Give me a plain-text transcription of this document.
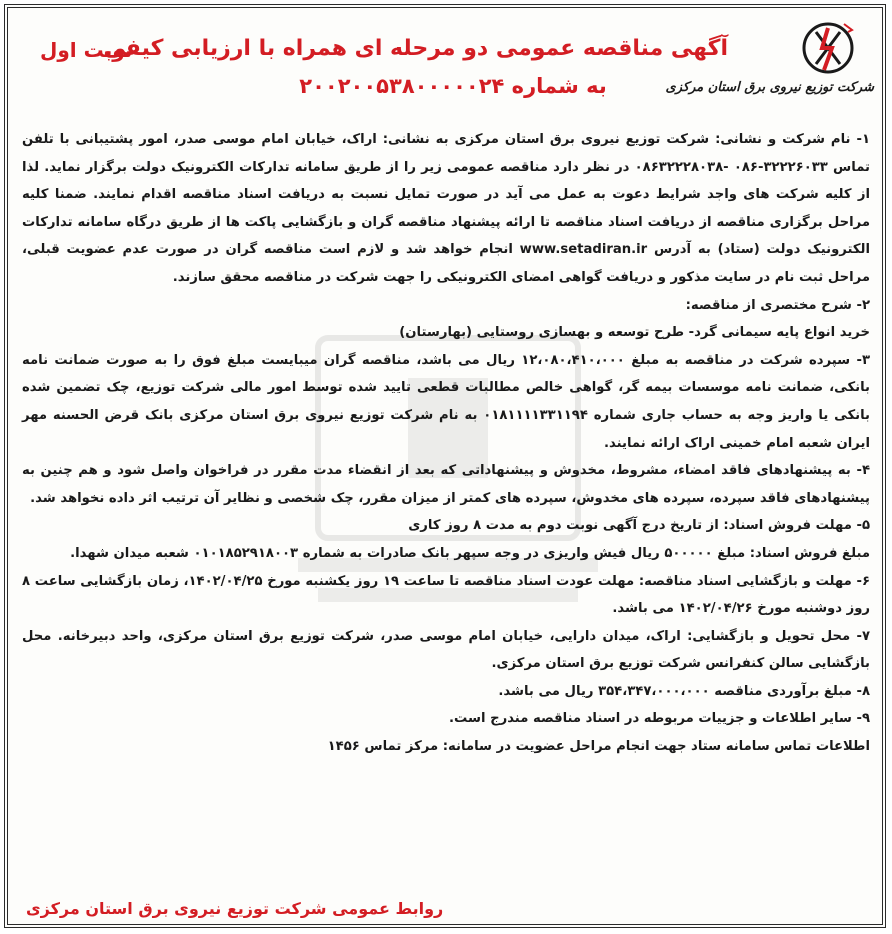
نوبت اول
آگهی مناقصه عمومی دو مرحله ای همراه با ارزیابی کیفی
به شماره ۲۰۰۲۰۰۵۳۸۰۰۰۰۰۲۴	شرکت توزیع نیروی برق استان مرکزی

۱- نام شرکت و نشانی: شرکت توزیع نیروی برق استان مرکزی به نشانی: اراک، خیابان امام موسی صدر، امور پشتیبانی با تلفن تماس ۳۲۲۲۶۰۳۳-۰۸۶ -۰۸۶۳۲۲۲۸۰۳۸ در نظر دارد مناقصه عمومی زیر را از طریق سامانه تدارکات الکترونیک دولت برگزار نماید. لذا از کلیه شرکت های واجد شرایط دعوت به عمل می آید در صورت تمایل نسبت به دریافت اسناد مناقصه اقدام نمایند. ضمنا کلیه مراحل برگزاری مناقصه از دریافت اسناد مناقصه تا ارائه پیشنهاد مناقصه گران و بازگشایی پاکت ها از طریق درگاه سامانه تدارکات الکترونیک دولت (ستاد) به آدرس www.setadiran.ir انجام خواهد شد و لازم است مناقصه گران در صورت عدم عضویت قبلی، مراحل ثبت نام در سایت مذکور و دریافت گواهی امضای الکترونیکی را جهت شرکت در مناقصه محقق سازند.

۲- شرح مختصری از مناقصه:

خرید انواع پایه سیمانی گرد- طرح توسعه و بهسازی روستایی (بهارستان)

۳- سپرده شرکت در مناقصه به مبلغ ۱۲،۰۸۰،۴۱۰،۰۰۰ ریال می باشد، مناقصه گران میبایست مبلغ فوق را به صورت ضمانت نامه بانکی، ضمانت نامه موسسات بیمه گر، گواهی خالص مطالبات قطعی تایید شده توسط امور مالی شرکت توزیع، چک تضمین شده بانکی یا واریز وجه به حساب جاری شماره ۰۱۸۱۱۱۱۳۳۱۱۹۴ به نام شرکت توزیع نیروی برق استان مرکزی بانک قرض الحسنه مهر ایران شعبه امام خمینی اراک ارائه نمایند.

۴- به پیشنهادهای فاقد امضاء، مشروط، مخدوش و پیشنهاداتی که بعد از انقضاء مدت مقرر در فراخوان واصل شود و هم چنین به پیشنهادهای فاقد سپرده، سپرده های مخدوش، سپرده های کمتر از میزان مقرر، چک شخصی و نظایر آن ترتیب اثر داده نخواهد شد.

۵- مهلت فروش اسناد: از تاریخ درج آگهی نوبت دوم به مدت ۸ روز کاری

مبلغ فروش اسناد: مبلغ ۵۰۰۰۰۰ ریال فیش واریزی در وجه سپهر بانک صادرات به شماره ۰۱۰۱۸۵۲۹۱۸۰۰۳ شعبه میدان شهدا.

۶- مهلت و بازگشایی اسناد مناقصه: مهلت عودت اسناد مناقصه تا ساعت ۱۹ روز یکشنبه مورخ ۱۴۰۲/۰۴/۲۵، زمان بازگشایی ساعت ۸ روز دوشنبه مورخ ۱۴۰۲/۰۴/۲۶ می باشد.

۷- محل تحویل و بازگشایی: اراک، میدان دارایی، خیابان امام موسی صدر، شرکت توزیع برق استان مرکزی، واحد دبیرخانه. محل بازگشایی سالن کنفرانس شرکت توزیع برق استان مرکزی.

۸- مبلغ برآوردی مناقصه ۳۵۴،۳۴۷،۰۰۰،۰۰۰ ریال می باشد.

۹- سایر اطلاعات و جزییات مربوطه در اسناد مناقصه مندرج است.

اطلاعات تماس سامانه ستاد جهت انجام مراحل عضویت در سامانه: مرکز تماس ۱۴۵۶

روابط عمومی شرکت توزیع نیروی برق استان مرکزی
